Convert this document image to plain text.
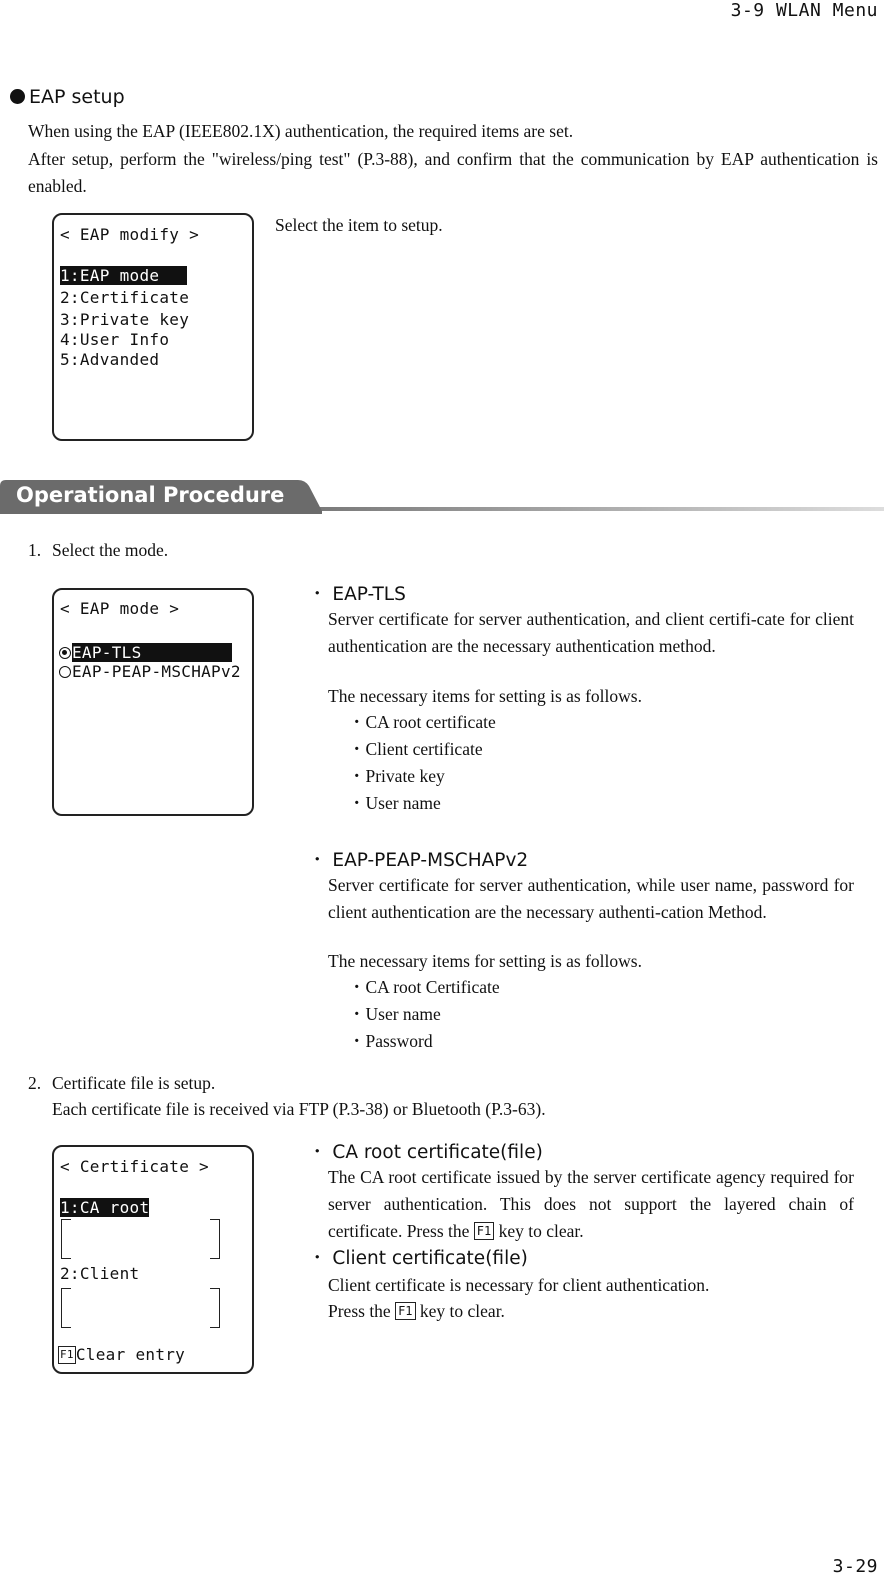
3-9 WLAN Menu
3-29
EAP setup
When using the EAP (IEEE802.1X) authentication, the required items are set.
After setup, perform the "wireless/ping test" (P.3-88), and confirm that the communication by EAP authentication is enabled.
< EAP modify >
1:EAP mode
2:Certificate
3:Private key
4:User Info
5:Advanded
Select the item to setup.
Operational Procedure
1. Select the mode.
< EAP mode >
EAP-TLS
EAP-PEAP-MSCHAPv2
・ EAP-TLS
Server certificate for server authentication, and client certifi-cate for client authentication are the necessary authentication method.
The necessary items for setting is as follows.
・CA root certificate
・Client certificate
・Private key
・User name
・ EAP-PEAP-MSCHAPv2
Server certificate for server authentication, while user name, password for client authentication are the necessary authenti-cation Method.
The necessary items for setting is as follows.
・CA root Certificate
・User name
・Password
2. Certificate file is setup.
Each certificate file is received via FTP (P.3-38) or Bluetooth (P.3-63).
< Certificate >
1:CA root
2:Client
F1 Clear entry
・ CA root certificate(file)
The CA root certificate issued by the server certificate agency required for server authentication. This does not support the layered chain of certificate. Press the F1 key to clear.
・ Client certificate(file)
Client certificate is necessary for client authentication.
Press the F1 key to clear.
